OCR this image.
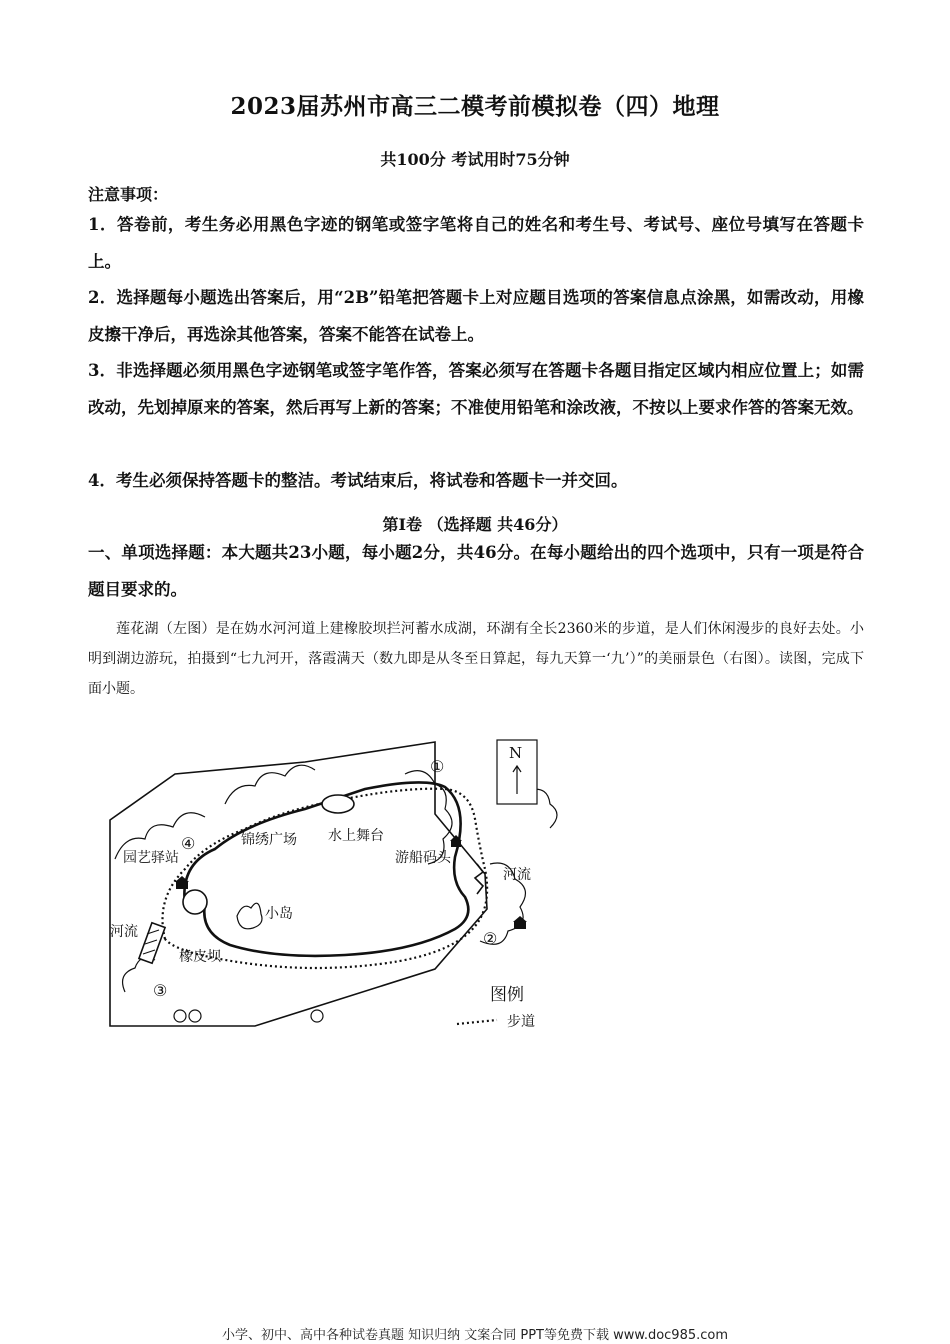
2023届苏州市高三二模考前模拟卷（四）地理
共100分 考试用时75分钟
注意事项：
1．答卷前，考生务必用黑色字迹的钢笔或签字笔将自己的姓名和考生号、考试号、座位号填写在答题卡上。
2．选择题每小题选出答案后，用“2B”铅笔把答题卡上对应题目选项的答案信息点涂黑，如需改动，用橡皮擦干净后，再选涂其他答案，答案不能答在试卷上。
3．非选择题必须用黑色字迹钢笔或签字笔作答，答案必须写在答题卡各题目指定区域内相应位置上；如需改动，先划掉原来的答案，然后再写上新的答案；不准使用铅笔和涂改液，不按以上要求作答的答案无效。
4．考生必须保持答题卡的整洁。考试结束后，将试卷和答题卡一并交回。
第Ⅰ卷 （选择题 共46分）
一、单项选择题：本大题共23小题，每小题2分，共46分。在每小题给出的四个选项中，只有一项是符合题目要求的。
莲花湖（左图）是在妫水河河道上建橡胶坝拦河蓄水成湖，环湖有全长2360米的步道，是人们休闲漫步的良好去处。小明到湖边游玩，拍摄到“七九河开，落霞满天（数九即是从冬至日算起，每九天算一‘九’）”的美丽景色（右图）。读图，完成下面小题。
N
园艺驿站
锦绣广场 水上舞台
游船码头
河流
河流
小岛
橡皮坝
①
②
③
④
图例
步道
小学、初中、高中各种试卷真题 知识归纳 文案合同 PPT等免费下载 www.doc985.com
